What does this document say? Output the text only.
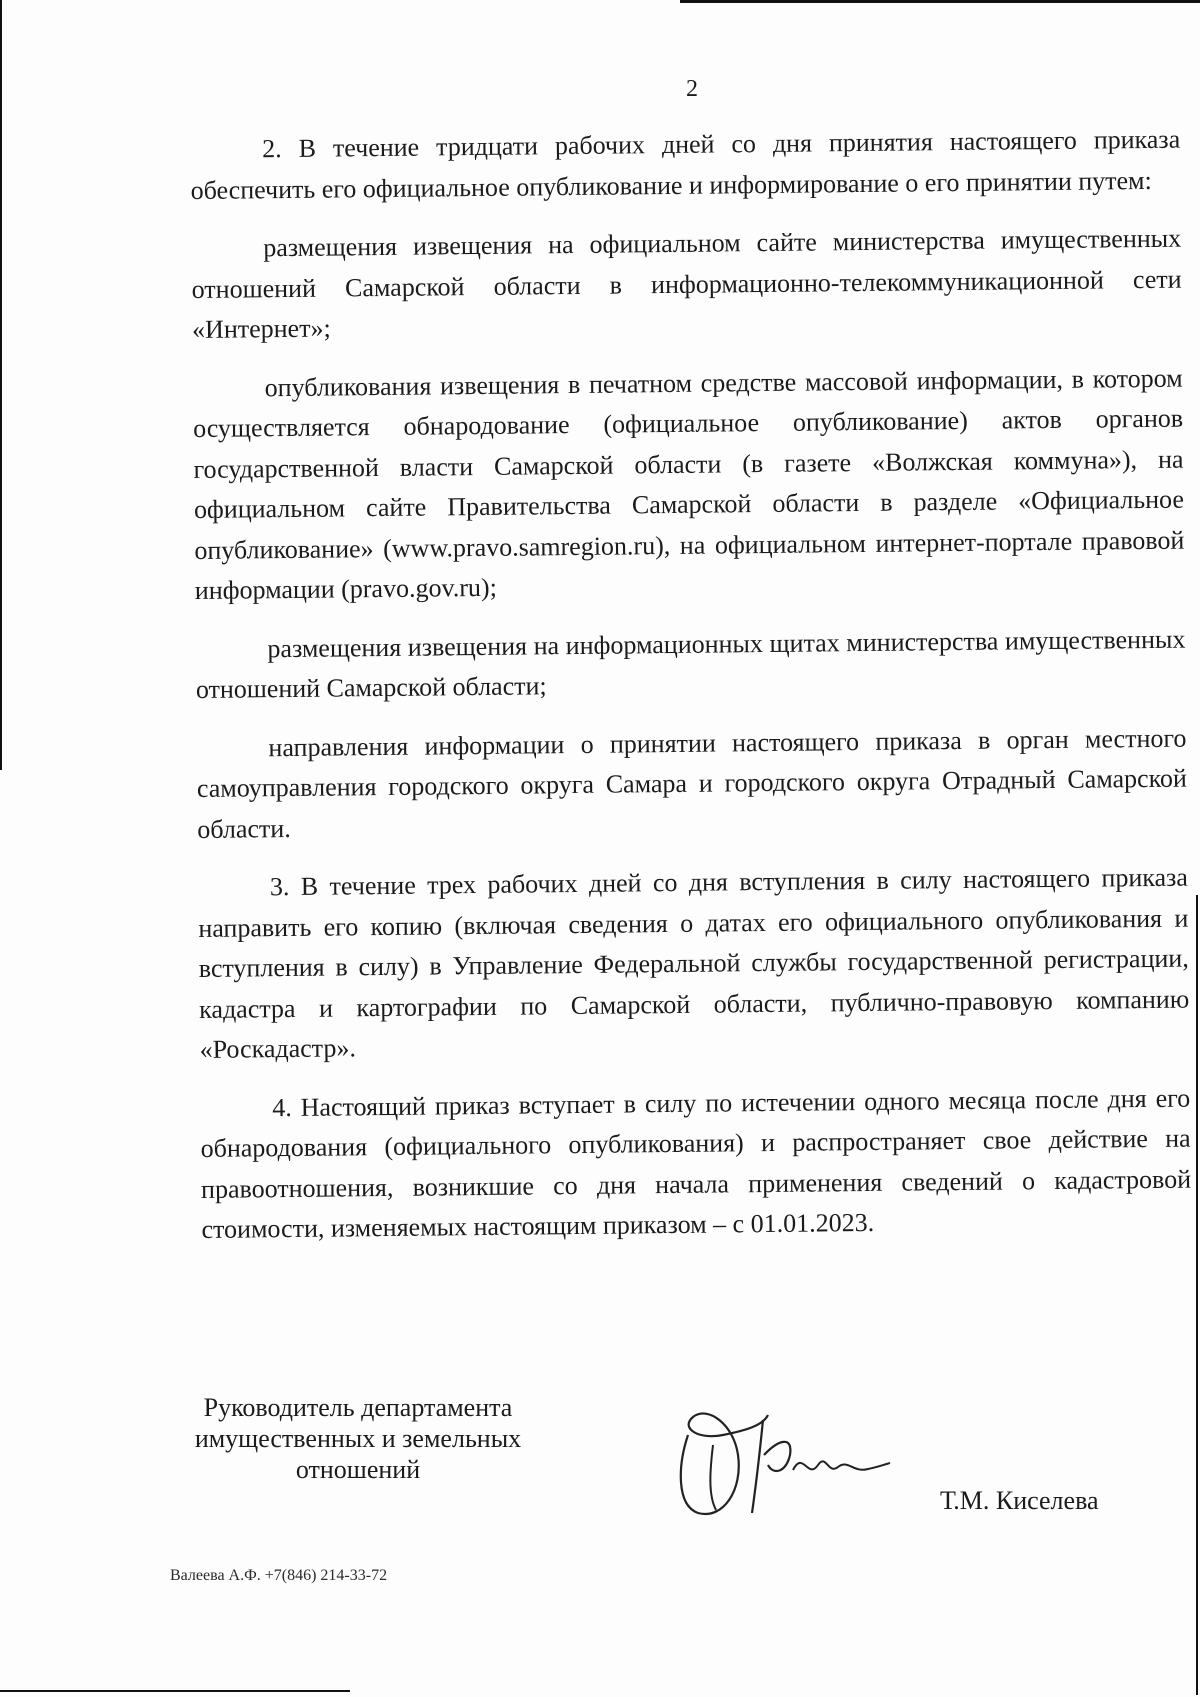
2

2. В течение тридцати рабочих дней со дня принятия настоящего приказа обеспечить его официальное опубликование и информирование о его принятии путем:

размещения извещения на официальном сайте министерства имущественных отношений Самарской области в информационно-телекоммуникационной сети «Интернет»;

опубликования извещения в печатном средстве массовой информации, в котором осуществляется обнародование (официальное опубликование) актов органов государственной власти Самарской области (в газете «Волжская коммуна»), на официальном сайте Правительства Самарской области в разделе «Официальное опубликование» (www.pravo.samregion.ru), на официальном интернет-портале правовой информации (pravo.gov.ru);

размещения извещения на информационных щитах министерства имущественных отношений Самарской области;

направления информации о принятии настоящего приказа в орган местного самоуправления городского округа Самара и городского округа Отрадный Самарской области.

3. В течение трех рабочих дней со дня вступления в силу настоящего приказа направить его копию (включая сведения о датах его официального опубликования и вступления в силу) в Управление Федеральной службы государственной регистрации, кадастра и картографии по Самарской области, публично-правовую компанию «Роскадастр».

4. Настоящий приказ вступает в силу по истечении одного месяца после дня его обнародования (официального опубликования) и распространяет свое действие на правоотношения, возникшие со дня начала применения сведений о кадастровой стоимости, изменяемых настоящим приказом – с 01.01.2023.

Руководитель департамента
имущественных и земельных
отношений
Т.М. Киселева
Валеева А.Ф. +7(846) 214-33-72
